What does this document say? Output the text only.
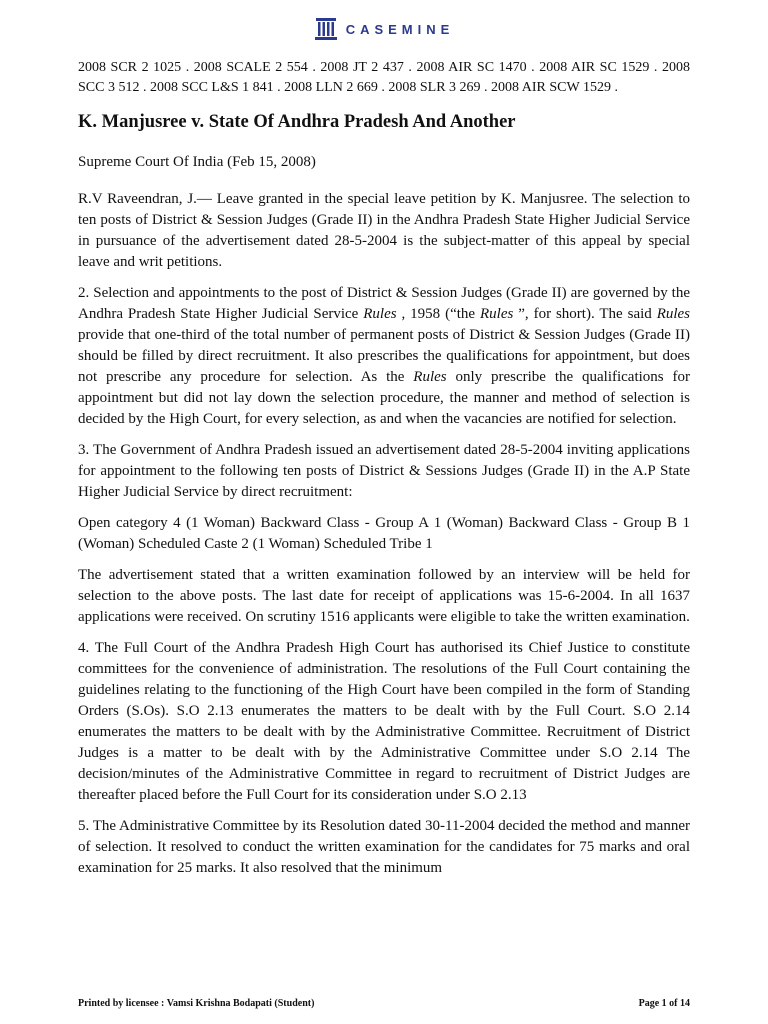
CASEMINE

2008 SCR 2 1025 . 2008 SCALE 2 554 . 2008 JT 2 437 . 2008 AIR SC 1470 . 2008 AIR SC 1529 . 2008 SCC 3 512 . 2008 SCC L&S 1 841 . 2008 LLN 2 669 . 2008 SLR 3 269 . 2008 AIR SCW 1529 .

K. Manjusree v. State Of Andhra Pradesh And Another

Supreme Court Of India (Feb 15, 2008)

R.V Raveendran, J.— Leave granted in the special leave petition by K. Manjusree. The selection to ten posts of District & Session Judges (Grade II) in the Andhra Pradesh State Higher Judicial Service in pursuance of the advertisement dated 28-5-2004 is the subject-matter of this appeal by special leave and writ petitions.

2. Selection and appointments to the post of District & Session Judges (Grade II) are governed by the Andhra Pradesh State Higher Judicial Service Rules , 1958 (“the Rules ”, for short). The said Rules provide that one-third of the total number of permanent posts of District & Session Judges (Grade II) should be filled by direct recruitment. It also prescribes the qualifications for appointment, but does not prescribe any procedure for selection. As the Rules only prescribe the qualifications for appointment but did not lay down the selection procedure, the manner and method of selection is decided by the High Court, for every selection, as and when the vacancies are notified for selection.

3. The Government of Andhra Pradesh issued an advertisement dated 28-5-2004 inviting applications for appointment to the following ten posts of District & Sessions Judges (Grade II) in the A.P State Higher Judicial Service by direct recruitment:

Open category 4 (1 Woman) Backward Class - Group A 1 (Woman) Backward Class - Group B 1 (Woman) Scheduled Caste 2 (1 Woman) Scheduled Tribe 1

The advertisement stated that a written examination followed by an interview will be held for selection to the above posts. The last date for receipt of applications was 15-6-2004. In all 1637 applications were received. On scrutiny 1516 applicants were eligible to take the written examination.

4. The Full Court of the Andhra Pradesh High Court has authorised its Chief Justice to constitute committees for the convenience of administration. The resolutions of the Full Court containing the guidelines relating to the functioning of the High Court have been compiled in the form of Standing Orders (S.Os). S.O 2.13 enumerates the matters to be dealt with by the Full Court. S.O 2.14 enumerates the matters to be dealt with by the Administrative Committee. Recruitment of District Judges is a matter to be dealt with by the Administrative Committee under S.O 2.14 The decision/minutes of the Administrative Committee in regard to recruitment of District Judges are thereafter placed before the Full Court for its consideration under S.O 2.13

5. The Administrative Committee by its Resolution dated 30-11-2004 decided the method and manner of selection. It resolved to conduct the written examination for the candidates for 75 marks and oral examination for 25 marks. It also resolved that the minimum

Printed by licensee : Vamsi Krishna Bodapati (Student)	Page 1 of 14
